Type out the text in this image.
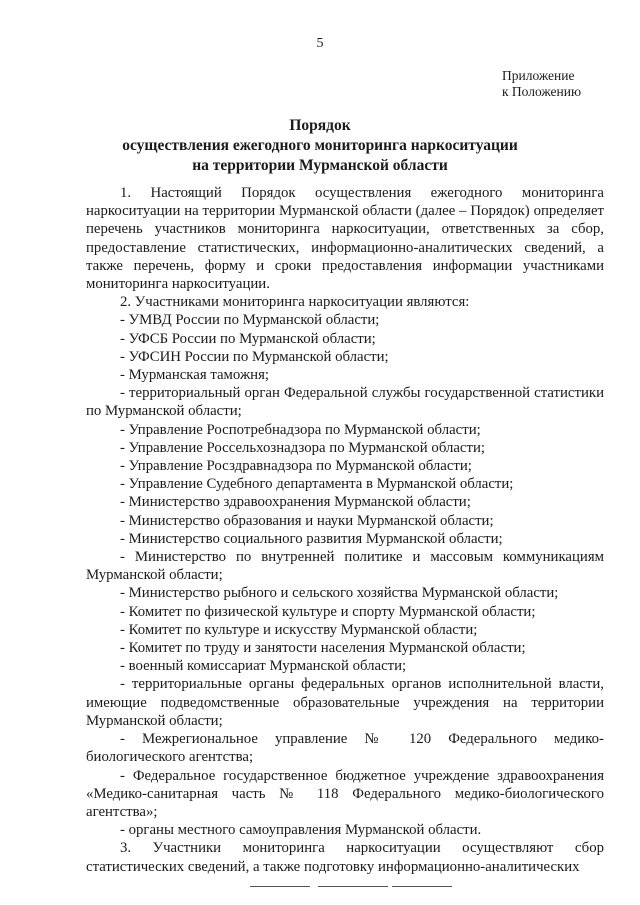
5
Приложение
к Положению
Порядок
осуществления ежегодного мониторинга наркоситуации
на территории Мурманской области

1. Настоящий Порядок осуществления ежегодного мониторинга наркоситуации на территории Мурманской области (далее – Порядок) определяет перечень участников мониторинга наркоситуации, ответственных за сбор, предоставление статистических, информационно-аналитических сведений, а также перечень, форму и сроки предоставления информации участниками мониторинга наркоситуации.

2. Участниками мониторинга наркоситуации являются:

- УМВД России по Мурманской области;

- УФСБ России по Мурманской области;

- УФСИН России по Мурманской области;

- Мурманская таможня;

- территориальный орган Федеральной службы государственной статистики по Мурманской области;

- Управление Роспотребнадзора по Мурманской области;

- Управление Россельхознадзора по Мурманской области;

- Управление Росздравнадзора по Мурманской области;

- Управление Судебного департамента в Мурманской области;

- Министерство здравоохранения Мурманской области;

- Министерство образования и науки Мурманской области;

- Министерство социального развития Мурманской области;

- Министерство по внутренней политике и массовым коммуникациям Мурманской области;

- Министерство рыбного и сельского хозяйства Мурманской области;

- Комитет по физической культуре и спорту Мурманской области;

- Комитет по культуре и искусству Мурманской области;

- Комитет по труду и занятости населения Мурманской области;

- военный комиссариат Мурманской области;

- территориальные органы федеральных органов исполнительной власти, имеющие подведомственные образовательные учреждения на территории Мурманской области;

- Межрегиональное управление № 120 Федерального медико-биологического агентства;

- Федеральное государственное бюджетное учреждение здравоохранения «Медико-санитарная часть № 118 Федерального медико-биологического агентства»;

- органы местного самоуправления Мурманской области.

3. Участники мониторинга наркоситуации осуществляют сбор статистических сведений, а также подготовку информационно-аналитических
